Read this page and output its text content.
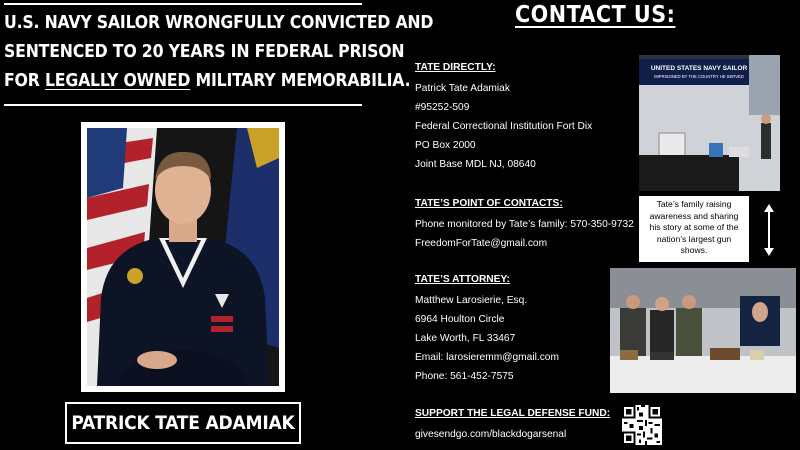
U.S. NAVY SAILOR WRONGFULLY CONVICTED AND
SENTENCED TO 20 YEARS IN FEDERAL PRISON
FOR LEGALLY OWNED MILITARY MEMORABILIA.
PATRICK TATE ADAMIAK
CONTACT US:
TATE DIRECTLY:
Patrick Tate Adamiak
#95252-509
Federal Correctional Institution Fort Dix
PO Box 2000
Joint Base MDL NJ, 08640
TATE’S POINT OF CONTACTS:
Phone monitored by Tate’s family: 570-350-9732
FreedomForTate@gmail.com
TATE’S ATTORNEY:
Matthew Larosierie, Esq.
6964 Houlton Circle
Lake Worth, FL 33467
Email: larosieremm@gmail.com
Phone: 561-452-7575
SUPPORT THE LEGAL DEFENSE FUND:
givesendgo.com/blackdogarsenal
UNITED STATES NAVY SAILOR
IMPRISONED BY THE COUNTRY HE SERVED
Tate’s family raising awareness and sharing his story at some of the nation’s largest gun shows.
